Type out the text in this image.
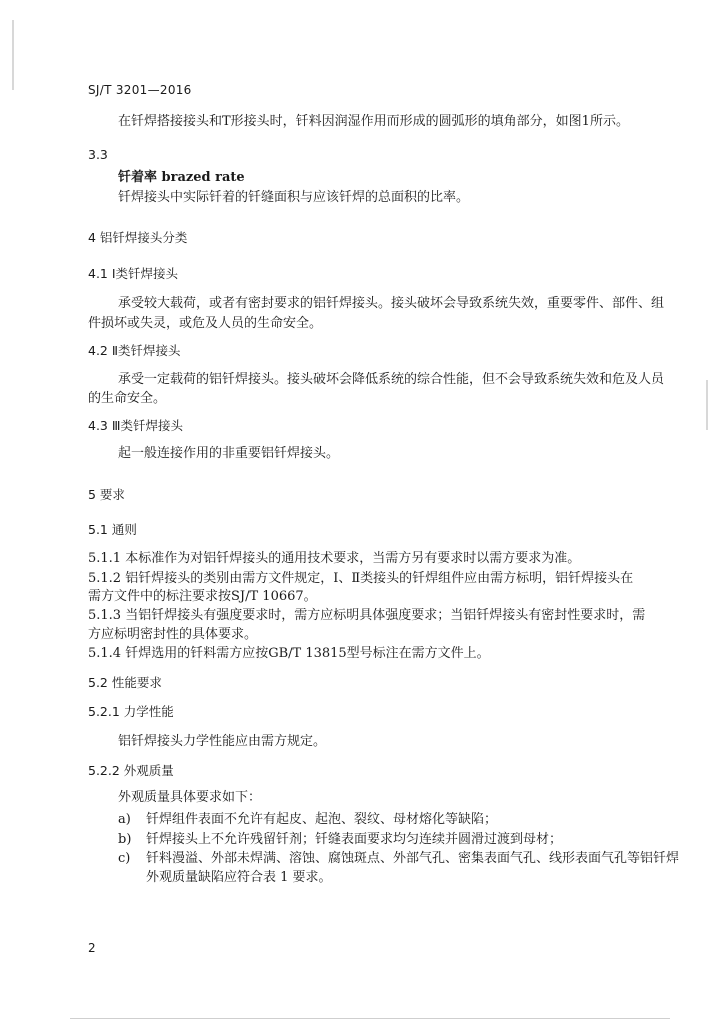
SJ/T 3201—2016
在钎焊搭接接头和T形接头时，钎料因润湿作用而形成的圆弧形的填角部分，如图1所示。
3.3
钎着率 brazed rate
钎焊接头中实际钎着的钎缝面积与应该钎焊的总面积的比率。
4 铝钎焊接头分类
4.1 Ⅰ类钎焊接头
承受较大载荷，或者有密封要求的铝钎焊接头。接头破坏会导致系统失效，重要零件、部件、组
件损坏或失灵，或危及人员的生命安全。
4.2 Ⅱ类钎焊接头
承受一定载荷的铝钎焊接头。接头破坏会降低系统的综合性能，但不会导致系统失效和危及人员
的生命安全。
4.3 Ⅲ类钎焊接头
起一般连接作用的非重要铝钎焊接头。
5 要求
5.1 通则
5.1.1 本标准作为对铝钎焊接头的通用技术要求，当需方另有要求时以需方要求为准。
5.1.2 铝钎焊接头的类别由需方文件规定，Ⅰ、Ⅱ类接头的钎焊组件应由需方标明，铝钎焊接头在
需方文件中的标注要求按SJ/T 10667。
5.1.3 当铝钎焊接头有强度要求时，需方应标明具体强度要求；当铝钎焊接头有密封性要求时，需
方应标明密封性的具体要求。
5.1.4 钎焊选用的钎料需方应按GB/T 13815型号标注在需方文件上。
5.2 性能要求
5.2.1 力学性能
铝钎焊接头力学性能应由需方规定。
5.2.2 外观质量
外观质量具体要求如下：
a) 钎焊组件表面不允许有起皮、起泡、裂纹、母材熔化等缺陷；
b) 钎焊接头上不允许残留钎剂；钎缝表面要求均匀连续并圆滑过渡到母材；
c) 钎料漫溢、外部未焊满、溶蚀、腐蚀斑点、外部气孔、密集表面气孔、线形表面气孔等铝钎焊
外观质量缺陷应符合表 1 要求。
2
